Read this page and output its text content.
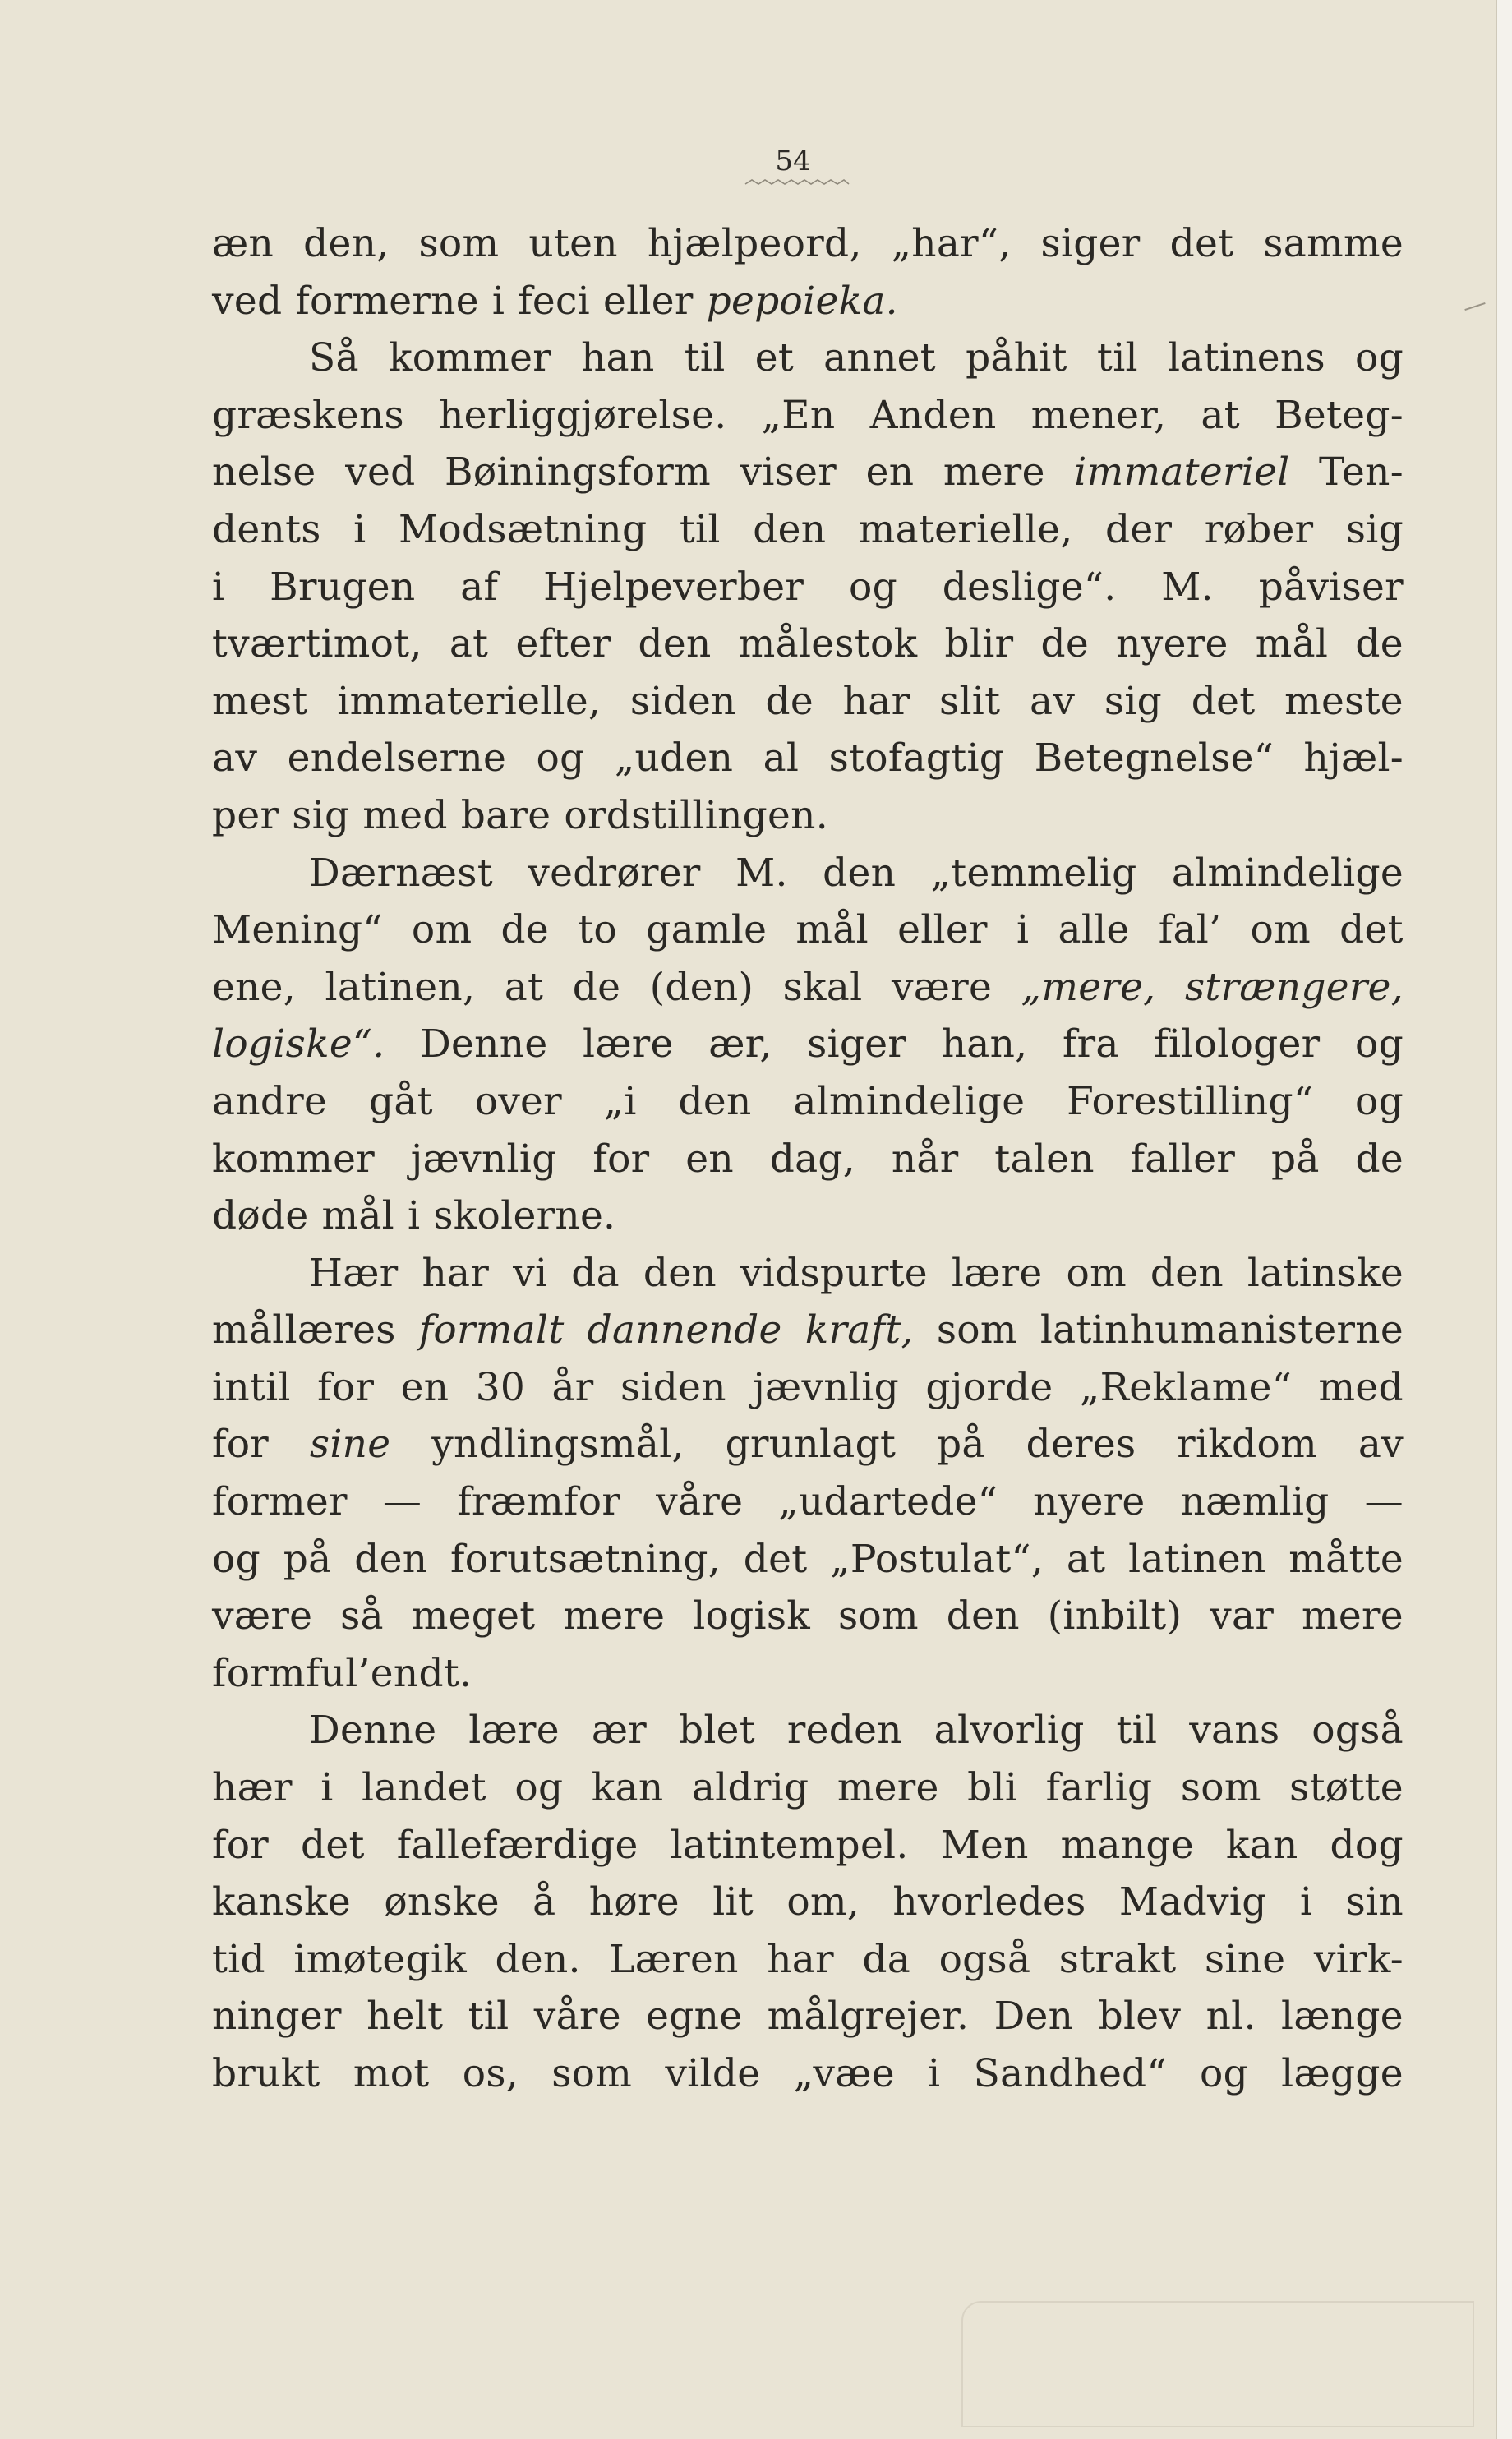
54
æn den, som uten hjælpeord, „har“, siger det samme
ved formerne i feci eller pepoieka.
Så kommer han til et annet påhit til latinens og
græskens herliggjørelse. „En Anden mener, at Beteg-
nelse ved Bøiningsform viser en mere immateriel Ten-
dents i Modsætning til den materielle, der røber sig
i Brugen af Hjelpeverber og deslige“. M. påviser
tværtimot, at efter den målestok blir de nyere mål de
mest immaterielle, siden de har slit av sig det meste
av endelserne og „uden al stofagtig Betegnelse“ hjæl-
per sig med bare ordstillingen.
Dærnæst vedrører M. den „temmelig almindelige
Mening“ om de to gamle mål eller i alle fal’ om det
ene, latinen, at de (den) skal være „mere, strængere,
logiske“. Denne lære ær, siger han, fra filologer og
andre gåt over „i den almindelige Forestilling“ og
kommer jævnlig for en dag, når talen faller på de
døde mål i skolerne.
Hær har vi da den vidspurte lære om den latinske
mållæres formalt dannende kraft, som latinhumanisterne
intil for en 30 år siden jævnlig gjorde „Reklame“ med
for sine yndlingsmål, grunlagt på deres rikdom av
former — fræmfor våre „udartede“ nyere næmlig —
og på den forutsætning, det „Postulat“, at latinen måtte
være så meget mere logisk som den (inbilt) var mere
formful’endt.
Denne lære ær blet reden alvorlig til vans også
hær i landet og kan aldrig mere bli farlig som støtte
for det fallefærdige latintempel. Men mange kan dog
kanske ønske å høre lit om, hvorledes Madvig i sin
tid imøtegik den. Læren har da også strakt sine virk-
ninger helt til våre egne målgrejer. Den blev nl. længe
brukt mot os, som vilde „væe i Sandhed“ og lægge
